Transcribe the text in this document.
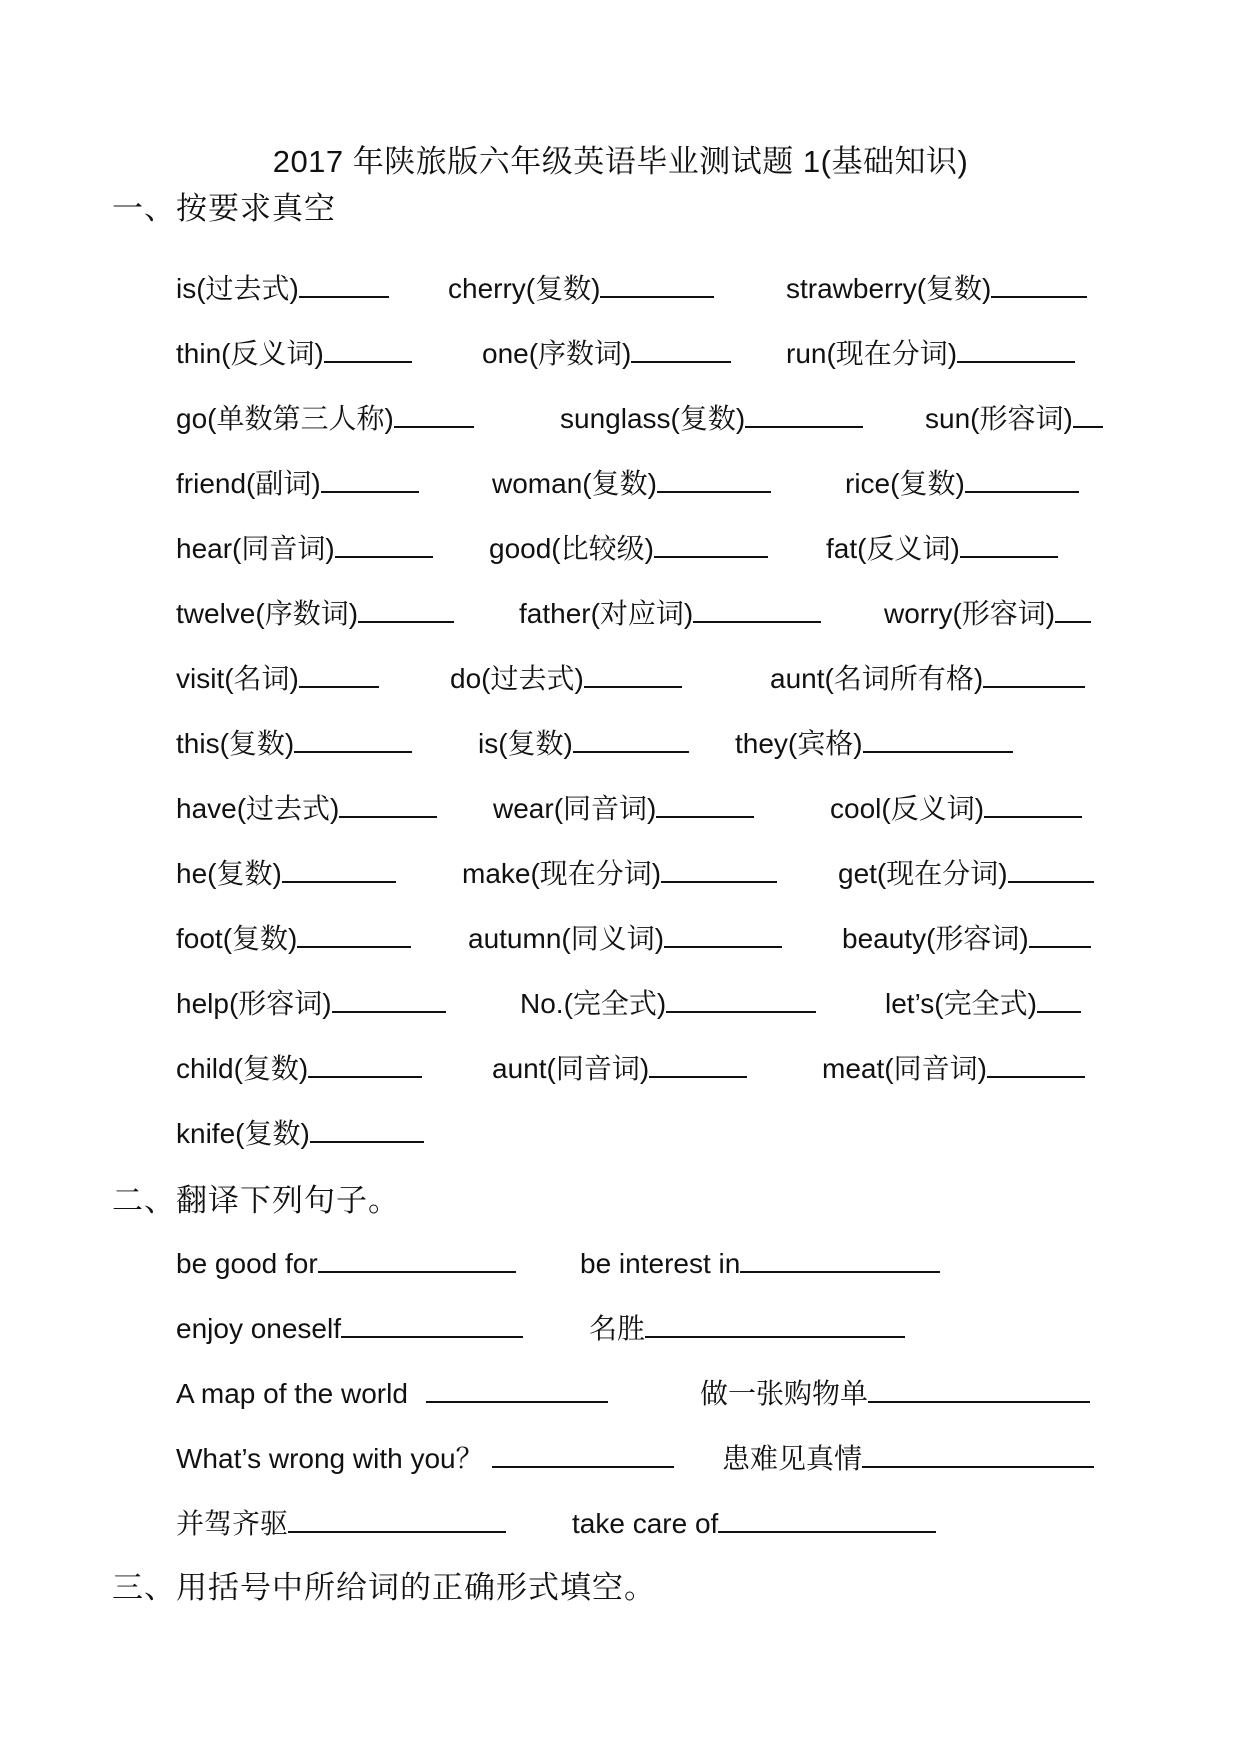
2017 年陕旅版六年级英语毕业测试题 1(基础知识)
一、按要求真空
is(过去式)	cherry(复数)	strawberry(复数)
thin(反义词)	one(序数词)	run(现在分词)
go(单数第三人称)	sunglass(复数)	sun(形容词)
friend(副词)	woman(复数)	rice(复数)
hear(同音词)	good(比较级)	fat(反义词)
twelve(序数词)	father(对应词)	worry(形容词)
visit(名词)	do(过去式)	aunt(名词所有格)
this(复数)	is(复数)	they(宾格)
have(过去式)	wear(同音词)	cool(反义词)
he(复数)	make(现在分词)	get(现在分词)
foot(复数)	autumn(同义词)	beauty(形容词)
help(形容词)	No.(完全式)	let’s(完全式)
child(复数)	aunt(同音词)	meat(同音词)
knife(复数)
二、翻译下列句子。
be good for	be interest in
enjoy oneself	名胜
A map of the world	做一张购物单
What’s wrong with you？	患难见真情
并驾齐驱	take care of
三、用括号中所给词的正确形式填空。
